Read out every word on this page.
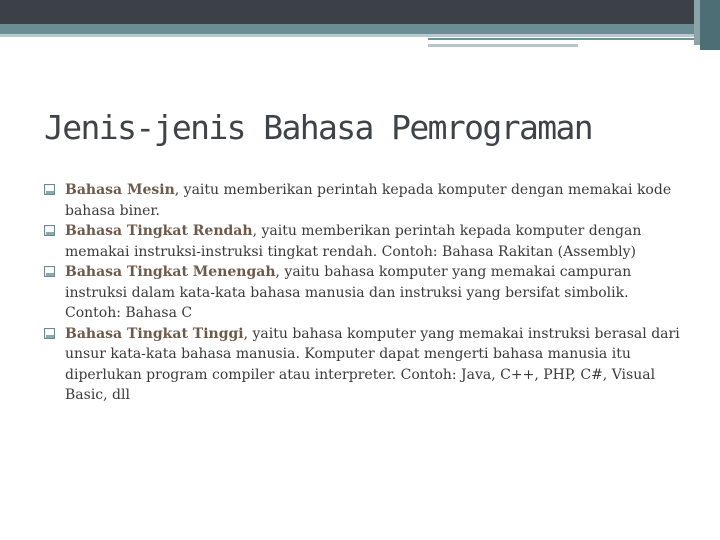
Jenis-jenis Bahasa Pemrograman
Bahasa Mesin, yaitu memberikan perintah kepada komputer dengan memakai kode bahasa biner.
Bahasa Tingkat Rendah, yaitu memberikan perintah kepada komputer dengan memakai instruksi-instruksi tingkat rendah. Contoh: Bahasa Rakitan (Assembly)
Bahasa Tingkat Menengah, yaitu bahasa komputer yang memakai campuran instruksi dalam kata-kata bahasa manusia dan instruksi yang bersifat simbolik. Contoh: Bahasa C
Bahasa Tingkat Tinggi, yaitu bahasa komputer yang memakai instruksi berasal dari unsur kata-kata bahasa manusia. Komputer dapat mengerti bahasa manusia itu diperlukan program compiler atau interpreter. Contoh: Java, C++, PHP, C#, Visual Basic, dll
